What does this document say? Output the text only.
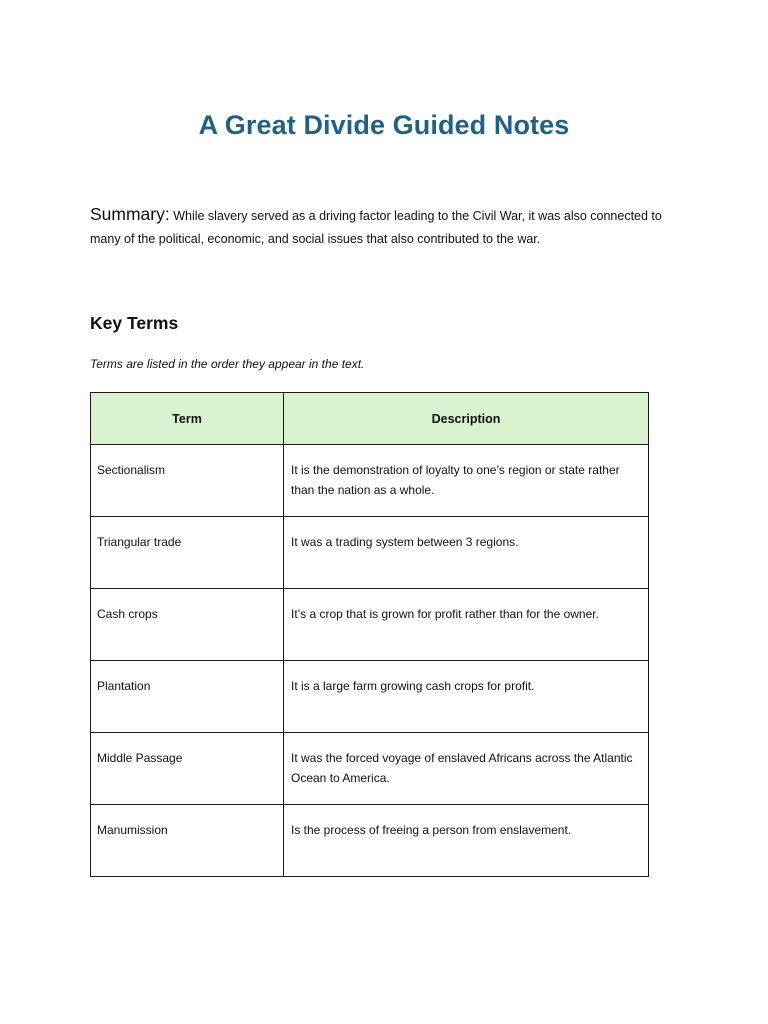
A Great Divide Guided Notes
Summary: While slavery served as a driving factor leading to the Civil War, it was also connected to many of the political, economic, and social issues that also contributed to the war.
Key Terms
Terms are listed in the order they appear in the text.
Term	Description
Sectionalism	It is the demonstration of loyalty to one’s region or state rather than the nation as a whole.
Triangular trade	It was a trading system between 3 regions.
Cash crops	It’s a crop that is grown for profit rather than for the owner.
Plantation	It is a large farm growing cash crops for profit.
Middle Passage	It was the forced voyage of enslaved Africans across the Atlantic Ocean to America.
Manumission	Is the process of freeing a person from enslavement.
